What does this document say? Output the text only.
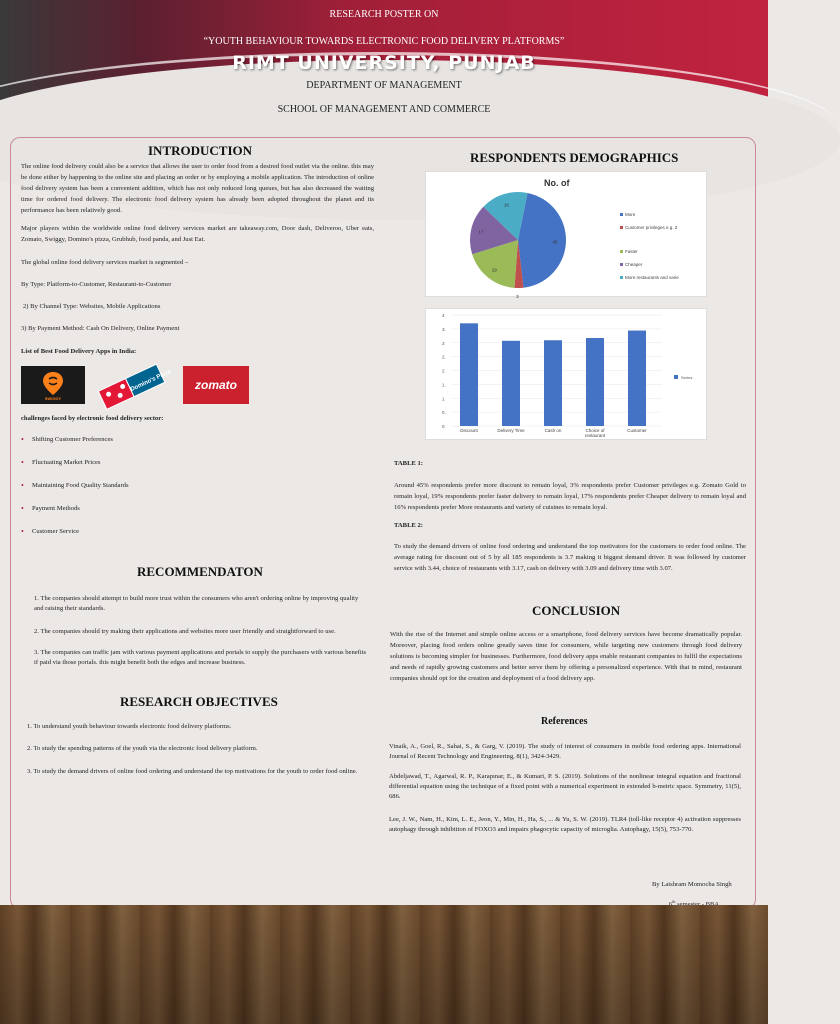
RESEARCH POSTER ON
“YOUTH BEHAVIOUR TOWARDS ELECTRONIC FOOD DELIVERY PLATFORMS”
RIMT UNIVERSITY, PUNJAB
DEPARTMENT OF MANAGEMENT
SCHOOL OF MANAGEMENT AND COMMERCE
INTRODUCTION
The online food delivery could also be a service that allows the user to order food from a desired food outlet via the online. this may be done either by happening to the online site and placing an order or by employing a mobile application. The introduction of online food delivery system has been a convenient addition, which has not only reduced long queues, but has also decreased the waiting time for ordered food delivery. The electronic food delivery system has already been adopted throughout the planet and its performance has been relatively good.
Major players within the worldwide online food delivery services market are takeaway.com, Door dash, Deliveroo, Uber eats, Zomato, Swiggy, Domino's pizza, Grubhub, food panda, and Just Eat.
The global online food delivery services market is segmented –
By Type: Platform-to-Customer, Restaurant-to-Customer
2) By Channel Type: Websites, Mobile Applications
3) By Payment Method: Cash On Delivery, Online Payment
List of Best Food Delivery Apps in India:
SWIGGY
Domino's Pizza zomato
challenges faced by electronic food delivery sector:
• Shifting Customer Preferences
• Fluctuating Market Prices
• Maintaining Food Quality Standards
• Payment Methods
• Customer Service
RECOMMENDATON
1. The companies should attempt to build more trust within the consumers who aren't ordering online by improving quality and raising their standards.
2. The companies should try making their applications and websites more user friendly and straightforward to use.
3. The companies can traffic jam with various payment applications and portals to supply the purchasers with various benefits if paid via those portals. this might benefit both the edges and increase business.
RESEARCH OBJECTIVES
1. To understand youth behaviour towards electronic food delivery platforms.
2. To study the spending patterns of the youth via the electronic food delivery platform.
3. To study the demand drivers of online food ordering and understand the top motivations for the youth to order food online.
RESPONDENTS DEMOGRAPHICS
No. of
45
3
19
17
16
More
Customer privileges e.g. Z
Faster
Cheaper
More restaurants and varie
0
0.
1
1.
2
2.
3
3.
4
Discount	Delivery Time	Cash on	Choice of
restaurant
Customer
Series
TABLE 1:
Around 45% respondents prefer more discount to remain loyal, 3% respondents prefer Customer privileges e.g. Zomato Gold to remain loyal, 19% respondents prefer faster delivery to remain loyal, 17% respondents prefer Cheaper delivery to remain loyal and 16% respondents prefer More restaurants and variety of cuisines to remain loyal.
TABLE 2:
To study the demand drivers of online food ordering and understand the top motivators for the customers to order food online. The average rating for discount out of 5 by all 185 respondents is 3.7 making it biggest demand driver. It was followed by customer service with 3.44, choice of restaurants with 3.17, cash on delivery with 3.09 and delivery time with 3.07.
CONCLUSION
With the rise of the Internet and simple online access or a smartphone, food delivery services have become dramatically popular. Moreover, placing food orders online greatly saves time for consumers, while targeting new customers through food delivery solutions is becoming simpler for businesses. Furthermore, food delivery apps enable restaurant companies to fulfil the expectations and needs of rapidly growing customers and better serve them by offering a personalized experience. With that in mind, restaurant companies should opt for the creation and deployment of a food delivery app.
References
Vinaik, A., Goel, R., Sahai, S., & Garg, V. (2019). The study of interest of consumers in mobile food ordering apps. International Journal of Recent Technology and Engineering, 8(1), 3424-3429.
Abdeljawad, T., Agarwal, R. P., Karapınar, E., & Kumari, P. S. (2019). Solutions of the nonlinear integral equation and fractional differential equation using the technique of a fixed point with a numerical experiment in extended b-metric space. Symmetry, 11(5), 686.
Lee, J. W., Nam, H., Kim, L. E., Jeon, Y., Min, H., Ha, S., ... & Yu, S. W. (2019). TLR4 (toll-like receptor 4) activation suppresses autophagy through inhibition of FOXO3 and impairs phagocytic capacity of microglia. Autophagy, 15(5), 753-770.
By Laishram Momocha Singh
$^{th}$
